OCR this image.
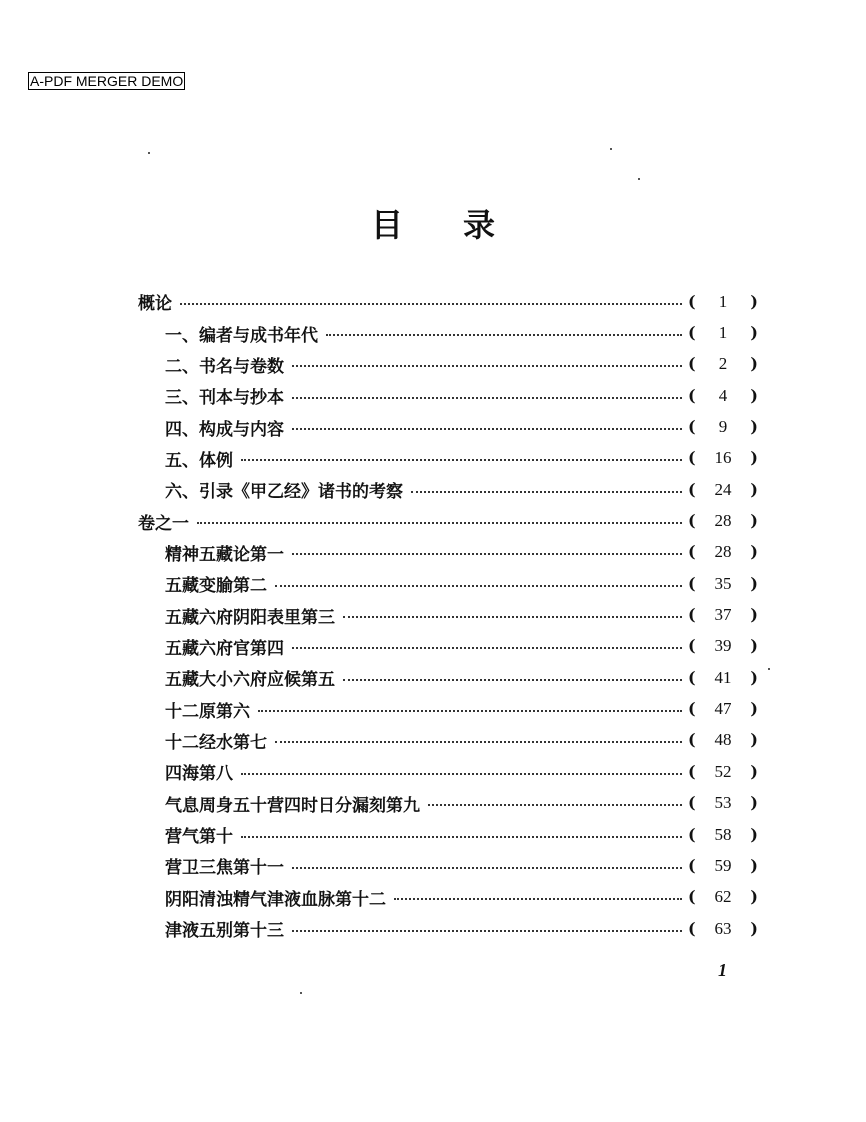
A-PDF MERGER DEMO
目录
概论	( 1 )
一、编者与成书年代	( 1 )
二、书名与卷数	( 2 )
三、刊本与抄本	( 4 )
四、构成与内容	( 9 )
五、体例	( 16 )
六、引录《甲乙经》诸书的考察	( 24 )
卷之一	( 28 )
精神五藏论第一	( 28 )
五藏变腧第二	( 35 )
五藏六府阴阳表里第三	( 37 )
五藏六府官第四	( 39 )
五藏大小六府应候第五	( 41 )
十二原第六	( 47 )
十二经水第七	( 48 )
四海第八	( 52 )
气息周身五十营四时日分漏刻第九	( 53 )
营气第十	( 58 )
营卫三焦第十一	( 59 )
阴阳清浊精气津液血脉第十二	( 62 )
津液五别第十三	( 63 )
1
